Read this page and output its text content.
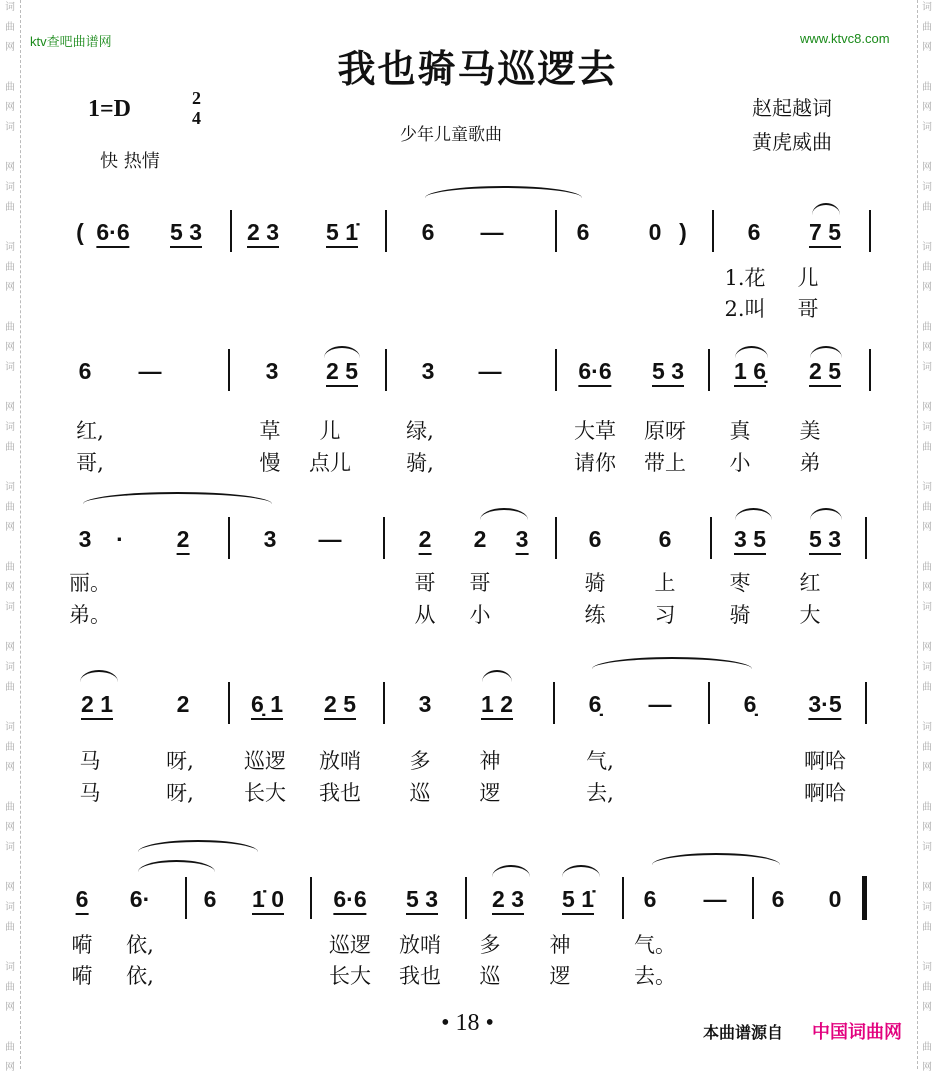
词	词
曲	曲
网	网
曲	曲
网	网
词	词
网	网
词	词
曲	曲
词	词
曲	曲
网	网
曲	曲
网	网
词	词
网	网
词	词
曲	曲
词	词
曲	曲
网	网
曲	曲
网	网
词	词
网	网
词	词
曲	曲
词	词
曲	曲
网	网
曲	曲
网	网
词	词
网	网
词	词
曲	曲
词	词
曲	曲
网	网
曲	曲
网	网
ktv查吧曲谱网	www.ktvc8.com
我也骑马巡逻去
1=D	2
4
快 热情
少年儿童歌曲
赵起越词
黄虎威曲
( 6·6 5 3 2 3 5 1̇	6 —	6	0 )	6 7 5
1.花 儿
2.叫 哥
6 —	3 2 5	3 —	6·6 5 3 1 6̣ 2 5
红,	草 儿	绿,	大草 原呀 真 美
哥,	慢 点儿	骑,	请你 带上 小 弟
3 · 2	3 —	2 2 3	6 6	3 5 5 3
丽。	哥 哥	骑 上	枣 红
弟。	从 小	练 习	骑 大
2 1	2	6̣ 1 2 5	3 1 2	6̣ —	6̣ 3·5
马	呀, 巡逻 放哨 多 神	气,	啊哈
马	呀, 长大 我也 巡 逻	去,	啊哈
6 6· 6 1̇ 0 6·6 5 3 2 3 5 1̇ 6 — 6 0
嗬 依,	巡逻 放哨 多 神	气。
嗬 依,	长大 我也 巡 逻	去。
• 18 •	本曲谱源自 中国词曲网
